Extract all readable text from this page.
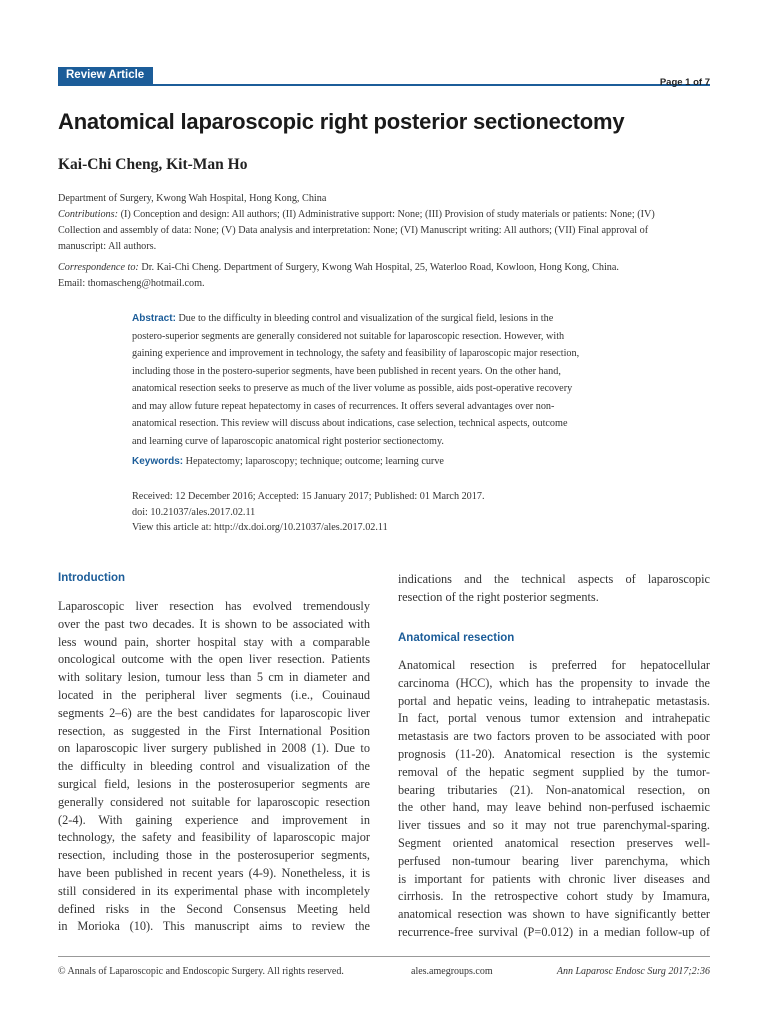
Review Article
Page 1 of 7
Anatomical laparoscopic right posterior sectionectomy
Kai-Chi Cheng, Kit-Man Ho
Department of Surgery, Kwong Wah Hospital, Hong Kong, China
Contributions: (I) Conception and design: All authors; (II) Administrative support: None; (III) Provision of study materials or patients: None; (IV)
Collection and assembly of data: None; (V) Data analysis and interpretation: None; (VI) Manuscript writing: All authors; (VII) Final approval of
manuscript: All authors.
Correspondence to: Dr. Kai-Chi Cheng. Department of Surgery, Kwong Wah Hospital, 25, Waterloo Road, Kowloon, Hong Kong, China.
Email: thomascheng@hotmail.com.
Abstract: Due to the difficulty in bleeding control and visualization of the surgical field, lesions in the
postero-superior segments are generally considered not suitable for laparoscopic resection. However, with
gaining experience and improvement in technology, the safety and feasibility of laparoscopic major resection,
including those in the postero-superior segments, have been published in recent years. On the other hand,
anatomical resection seeks to preserve as much of the liver volume as possible, aids post-operative recovery
and may allow future repeat hepatectomy in cases of recurrences. It offers several advantages over non-
anatomical resection. This review will discuss about indications, case selection, technical aspects, outcome
and learning curve of laparoscopic anatomical right posterior sectionectomy.
Keywords: Hepatectomy; laparoscopy; technique; outcome; learning curve
Received: 12 December 2016; Accepted: 15 January 2017; Published: 01 March 2017.
doi: 10.21037/ales.2017.02.11
View this article at: http://dx.doi.org/10.21037/ales.2017.02.11
Introduction
Laparoscopic liver resection has evolved tremendously
over the past two decades. It is shown to be associated with
less wound pain, shorter hospital stay with a comparable
oncological outcome with the open liver resection. Patients
with solitary lesion, tumour less than 5 cm in diameter and
located in the peripheral liver segments (i.e., Couinaud
segments 2–6) are the best candidates for laparoscopic liver
resection, as suggested in the First International Position
on laparoscopic liver surgery published in 2008 (1). Due to
the difficulty in bleeding control and visualization of the
surgical field, lesions in the posterosuperior segments are
generally considered not suitable for laparoscopic resection
(2-4). With gaining experience and improvement in
technology, the safety and feasibility of laparoscopic major
resection, including those in the posterosuperior segments,
have been published in recent years (4-9). Nonetheless, it is
still considered in its experimental phase with incompletely
defined risks in the Second Consensus Meeting held
in Morioka (10). This manuscript aims to review the
indications and the technical aspects of laparoscopic
resection of the right posterior segments.
Anatomical resection
Anatomical resection is preferred for hepatocellular
carcinoma (HCC), which has the propensity to invade the
portal and hepatic veins, leading to intrahepatic metastasis.
In fact, portal venous tumor extension and intrahepatic
metastasis are two factors proven to be associated with poor
prognosis (11-20). Anatomical resection is the systemic
removal of the hepatic segment supplied by the tumor-
bearing tributaries (21). Non-anatomical resection, on
the other hand, may leave behind non-perfused ischaemic
liver tissues and so it may not true parenchymal-sparing.
Segment oriented anatomical resection preserves well-
perfused non-tumour bearing liver parenchyma, which
is important for patients with chronic liver diseases and
cirrhosis. In the retrospective cohort study by Imamura,
anatomical resection was shown to have significantly better
recurrence-free survival (P=0.012) in a median follow-up of
© Annals of Laparoscopic and Endoscopic Surgery. All rights reserved.	ales.amegroups.com	Ann Laparosc Endosc Surg 2017;2:36
